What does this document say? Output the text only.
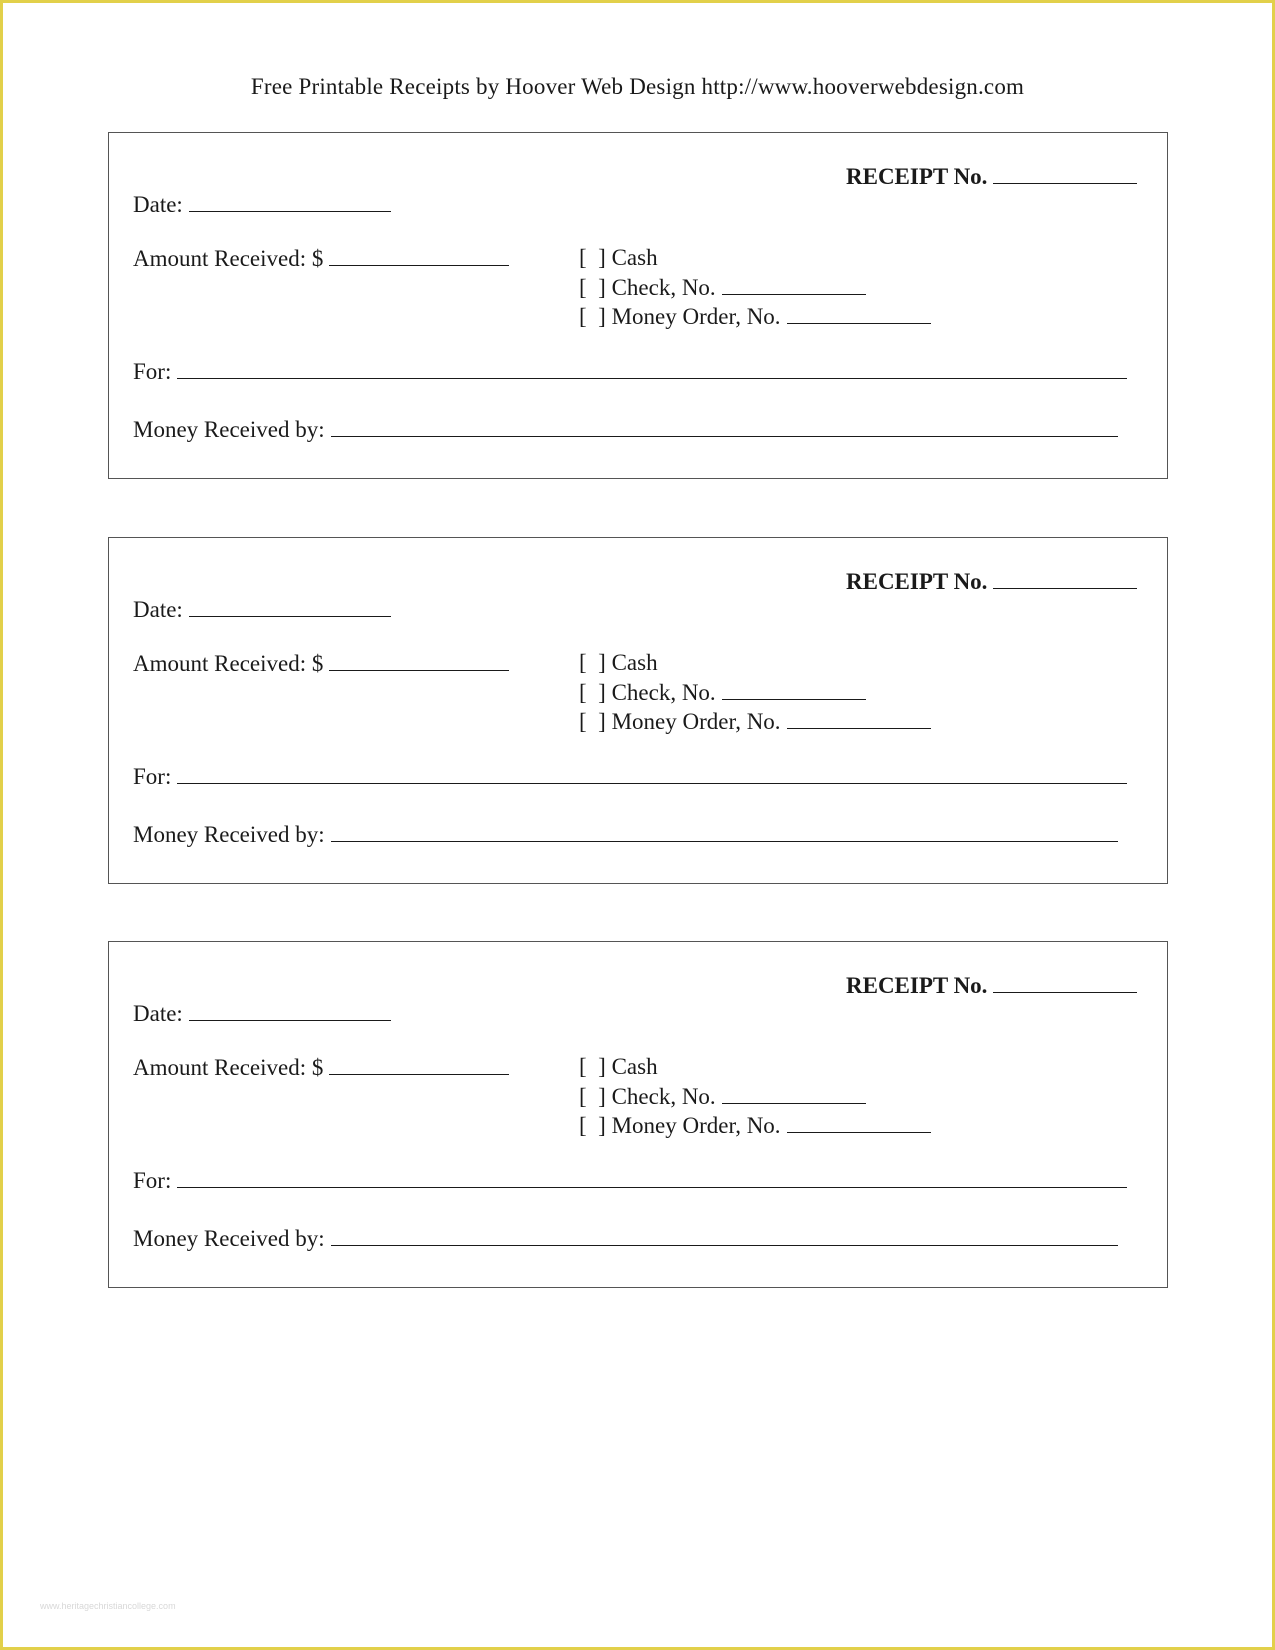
Free Printable Receipts by Hoover Web Design http://www.hooverwebdesign.com
RECEIPT No.
Date:
Amount Received: $	[  ] Cash
[  ] Check, No.
[  ] Money Order, No.
For:
Money Received by:
RECEIPT No.
Date:
Amount Received: $	[  ] Cash
[  ] Check, No.
[  ] Money Order, No.
For:
Money Received by:
RECEIPT No.
Date:
Amount Received: $	[  ] Cash
[  ] Check, No.
[  ] Money Order, No.
For:
Money Received by:
www.heritagechristiancollege.com
